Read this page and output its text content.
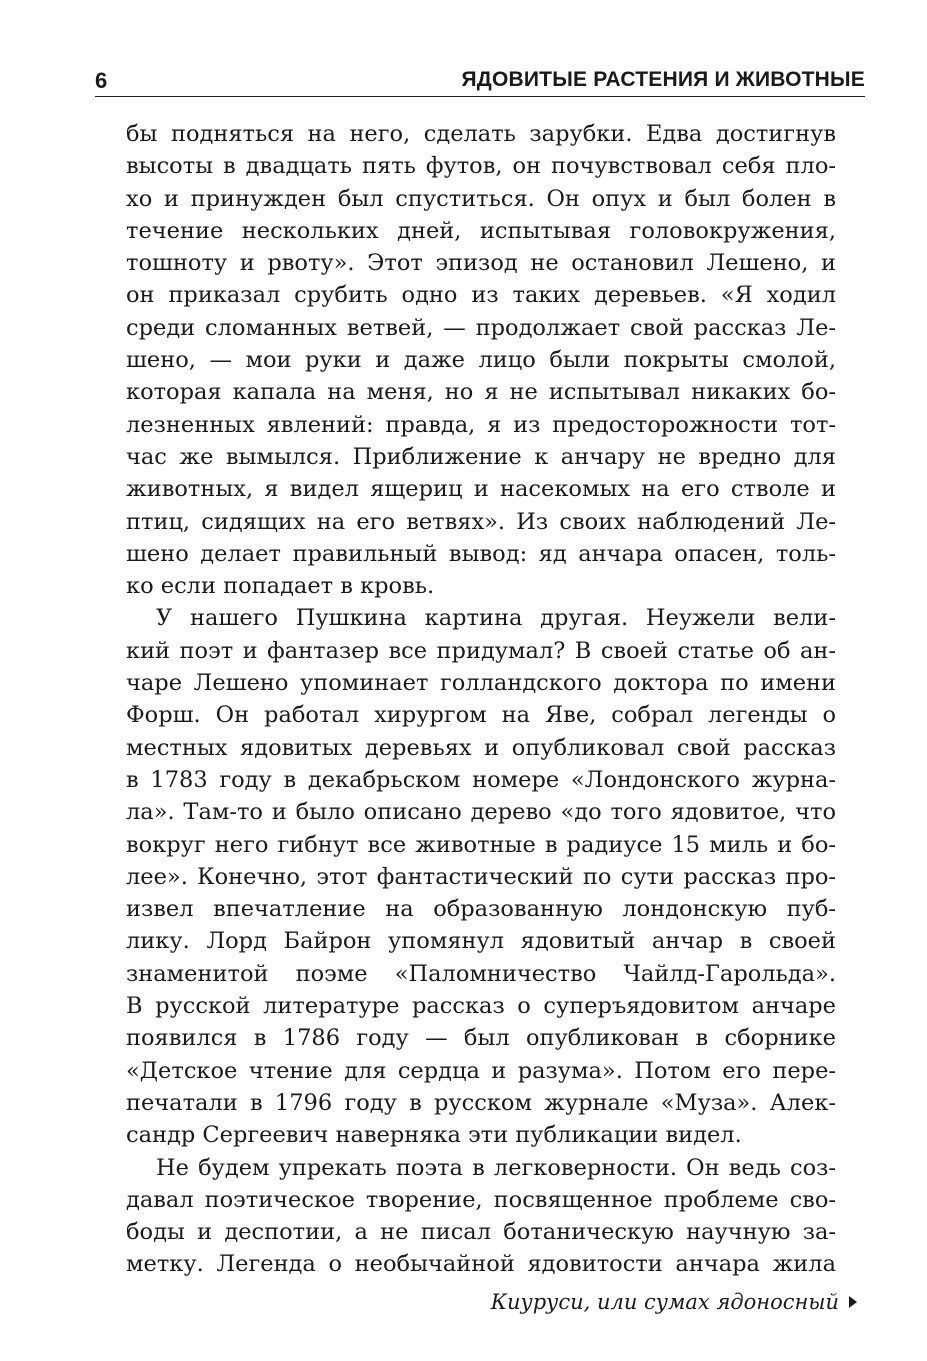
6	ЯДОВИТЫЕ РАСТЕНИЯ И ЖИВОТНЫЕ
бы подняться на него, сделать зарубки. Едва достигнув
высоты в двадцать пять футов, он почувствовал себя пло-
хо и принужден был спуститься. Он опух и был болен в
течение нескольких дней, испытывая головокружения,
тошноту и рвоту». Этот эпизод не остановил Лешено, и
он приказал срубить одно из таких деревьев. «Я ходил
среди сломанных ветвей, — продолжает свой рассказ Ле-
шено, — мои руки и даже лицо были покрыты смолой,
которая капала на меня, но я не испытывал никаких бо-
лезненных явлений: правда, я из предосторожности тот-
час же вымылся. Приближение к анчару не вредно для
животных, я видел ящериц и насекомых на его стволе и
птиц, сидящих на его ветвях». Из своих наблюдений Ле-
шено делает правильный вывод: яд анчара опасен, толь-
ко если попадает в кровь.
У нашего Пушкина картина другая. Неужели вели-
кий поэт и фантазер все придумал? В своей статье об ан-
чаре Лешено упоминает голландского доктора по имени
Форш. Он работал хирургом на Яве, собрал легенды о
местных ядовитых деревьях и опубликовал свой рассказ
в 1783 году в декабрьском номере «Лондонского журна-
ла». Там-то и было описано дерево «до того ядовитое, что
вокруг него гибнут все животные в радиусе 15 миль и бо-
лее». Конечно, этот фантастический по сути рассказ про-
извел впечатление на образованную лондонскую пуб-
лику. Лорд Байрон упомянул ядовитый анчар в своей
знаменитой поэме «Паломничество Чайлд-Гарольда».
В русской литературе рассказ о суперъядовитом анчаре
появился в 1786 году — был опубликован в сборнике
«Детское чтение для сердца и разума». Потом его пере-
печатали в 1796 году в русском журнале «Муза». Алек-
сандр Сергеевич наверняка эти публикации видел.
Не будем упрекать поэта в легковерности. Он ведь соз-
давал поэтическое творение, посвященное проблеме сво-
боды и деспотии, а не писал ботаническую научную за-
метку. Легенда о необычайной ядовитости анчара жила
Киуруси, или сумах ядоносный
